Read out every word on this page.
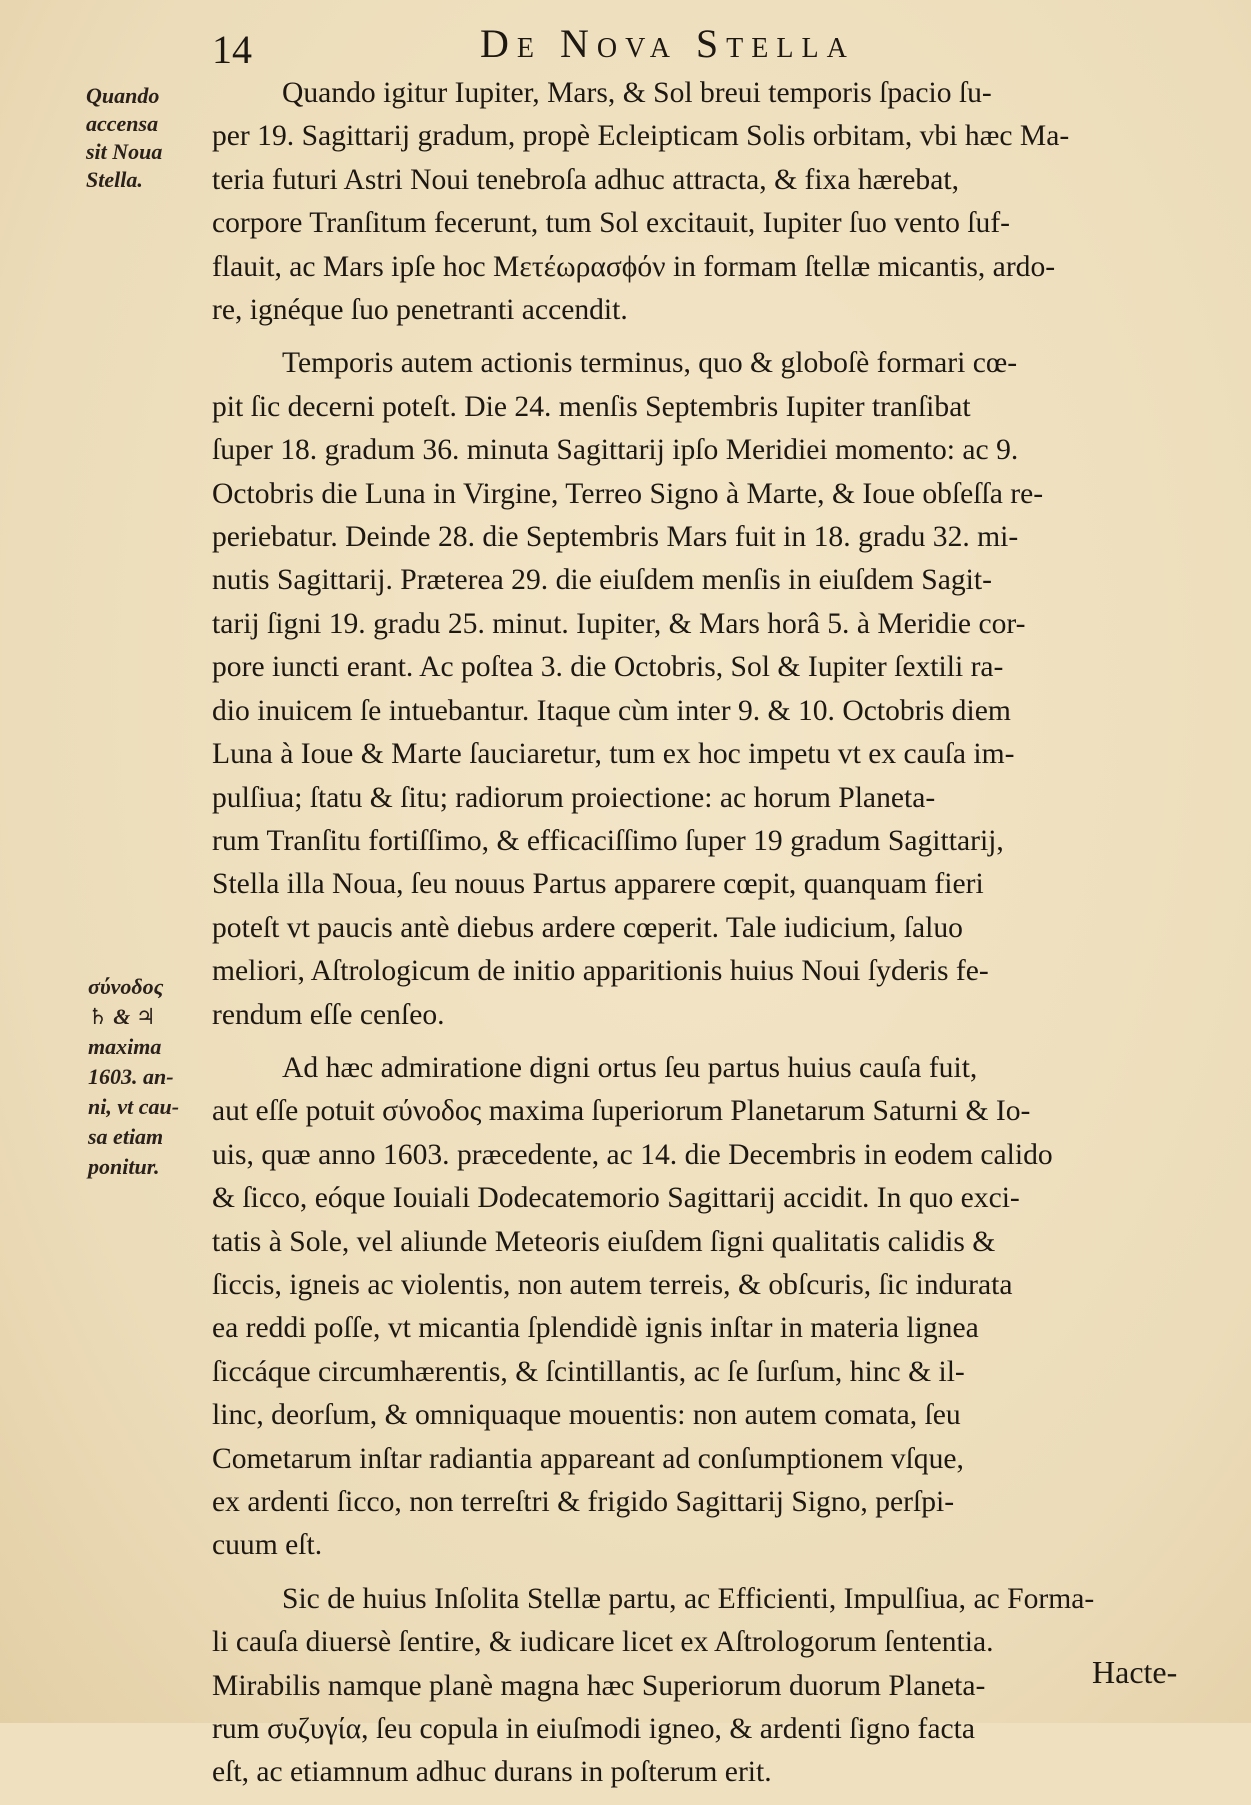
14	De Nova Stella
Quando
accensa
sit Noua
Stella.
σύνοδος
♄ & ♃
maxima
1603. an-
ni, vt cau-
sa etiam
ponitur.

Quando igitur Iupiter, Mars, & Sol breui temporis ſpacio ſu-
per 19. Sagittarij gradum, propè Ecleipticam Solis orbitam, vbi hæc Ma-
teria futuri Astri Noui tenebroſa adhuc attracta, & fixa hærebat,
corpore Tranſitum fecerunt, tum Sol excitauit, Iupiter ſuo vento ſuf-
flauit, ac Mars ipſe hoc Μετέωρασϕόν in formam ſtellæ micantis, ardo-
re, ignéque ſuo penetranti accendit.

Temporis autem actionis terminus, quo & globoſè formari cœ-
pit ſic decerni poteſt. Die 24. menſis Septembris Iupiter tranſibat
ſuper 18. gradum 36. minuta Sagittarij ipſo Meridiei momento: ac 9.
Octobris die Luna in Virgine, Terreo Signo à Marte, & Ioue obſeſſa re-
periebatur. Deinde 28. die Septembris Mars fuit in 18. gradu 32. mi-
nutis Sagittarij. Præterea 29. die eiuſdem menſis in eiuſdem Sagit-
tarij ſigni 19. gradu 25. minut. Iupiter, & Mars horâ 5. à Meridie cor-
pore iuncti erant. Ac poſtea 3. die Octobris, Sol & Iupiter ſextili ra-
dio inuicem ſe intuebantur. Itaque cùm inter 9. & 10. Octobris diem
Luna à Ioue & Marte ſauciaretur, tum ex hoc impetu vt ex cauſa im-
pulſiua; ſtatu & ſitu; radiorum proiectione: ac horum Planeta-
rum Tranſitu fortiſſimo, & efficaciſſimo ſuper 19 gradum Sagittarij,
Stella illa Noua, ſeu nouus Partus apparere cœpit, quanquam fieri
poteſt vt paucis antè diebus ardere cœperit. Tale iudicium, ſaluo
meliori, Aſtrologicum de initio apparitionis huius Noui ſyderis fe-
rendum eſſe cenſeo.

Ad hæc admiratione digni ortus ſeu partus huius cauſa fuit,
aut eſſe potuit σύνοδος maxima ſuperiorum Planetarum Saturni & Io-
uis, quæ anno 1603. præcedente, ac 14. die Decembris in eodem calido
& ſicco, eóque Iouiali Dodecatemorio Sagittarij accidit. In quo exci-
tatis à Sole, vel aliunde Meteoris eiuſdem ſigni qualitatis calidis &
ſiccis, igneis ac violentis, non autem terreis, & obſcuris, ſic indurata
ea reddi poſſe, vt micantia ſplendidè ignis inſtar in materia lignea
ſiccáque circumhærentis, & ſcintillantis, ac ſe ſurſum, hinc & il-
linc, deorſum, & omniquaque mouentis: non autem comata, ſeu
Cometarum inſtar radiantia appareant ad conſumptionem vſque,
ex ardenti ſicco, non terreſtri & frigido Sagittarij Signo, perſpi-
cuum eſt.

Sic de huius Inſolita Stellæ partu, ac Efficienti, Impulſiua, ac Forma-
li cauſa diuersè ſentire, & iudicare licet ex Aſtrologorum ſententia.
Mirabilis namque planè magna hæc Superiorum duorum Planeta-
rum συζυγία, ſeu copula in eiuſmodi igneo, & ardenti ſigno facta
eſt, ac etiamnum adhuc durans in poſterum erit.

Hacte-
